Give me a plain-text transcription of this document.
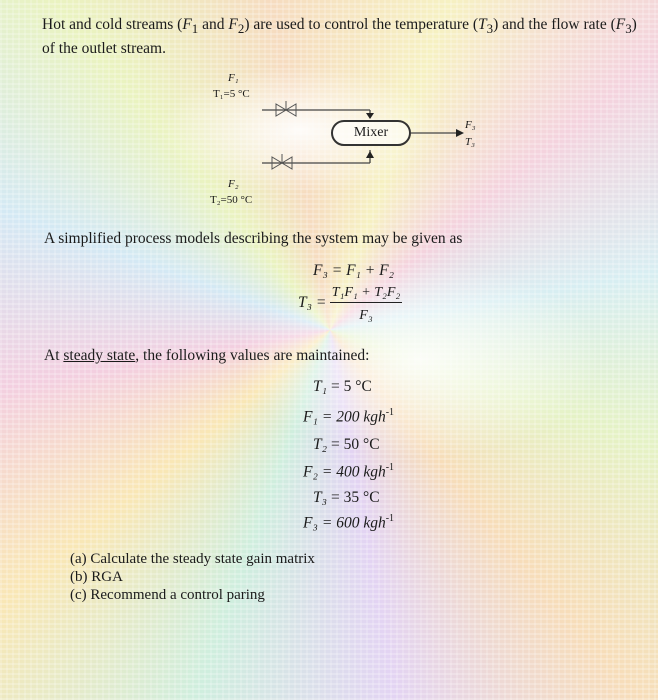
Hot and cold streams ($F_1$ and $F_2$) are used to control the temperature $(T_3)$ and the flow rate $(F_3)$ of the outlet stream.
F₁
T₁=5 °C
Mixer	F₃
T₃
F₂
T₂=50 °C
A simplified process models describing the system may be given as
F₃ = F₁ + F₂
T₃ =
T₁F₁ + T₂F₂
F₃
At steady state, the following values are maintained:
T₁ = 5 °C
F₁ = 200 kgh$^{-1}$
T₂ = 50 °C
F₂ = 400 kgh$^{-1}$
T₃ = 35 °C
F₃ = 600 kgh$^{-1}$
(a) Calculate the steady state gain matrix
(b) RGA
(c) Recommend a control paring
